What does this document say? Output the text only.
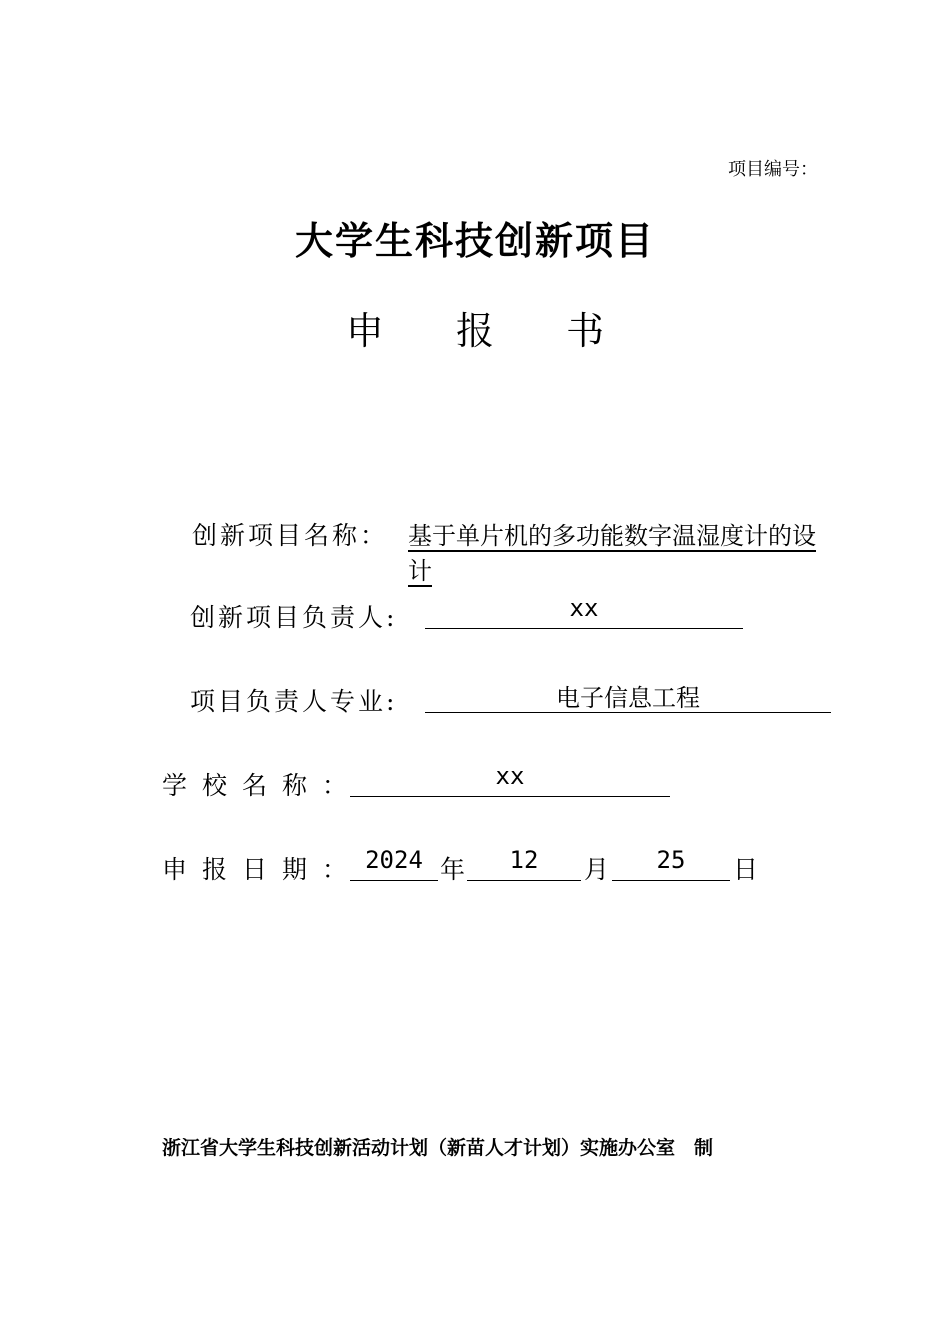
项目编号：
大学生科技创新项目
申 报 书
创新项目名称： 基于单片机的多功能数字温湿度计的设计
创新项目负责人:	xx
项目负责人专业:	电子信息工程
学校名称：	xx
申报日期： 2024 年	12	月	25	日
浙江省大学生科技创新活动计划（新苗人才计划）实施办公室　制
